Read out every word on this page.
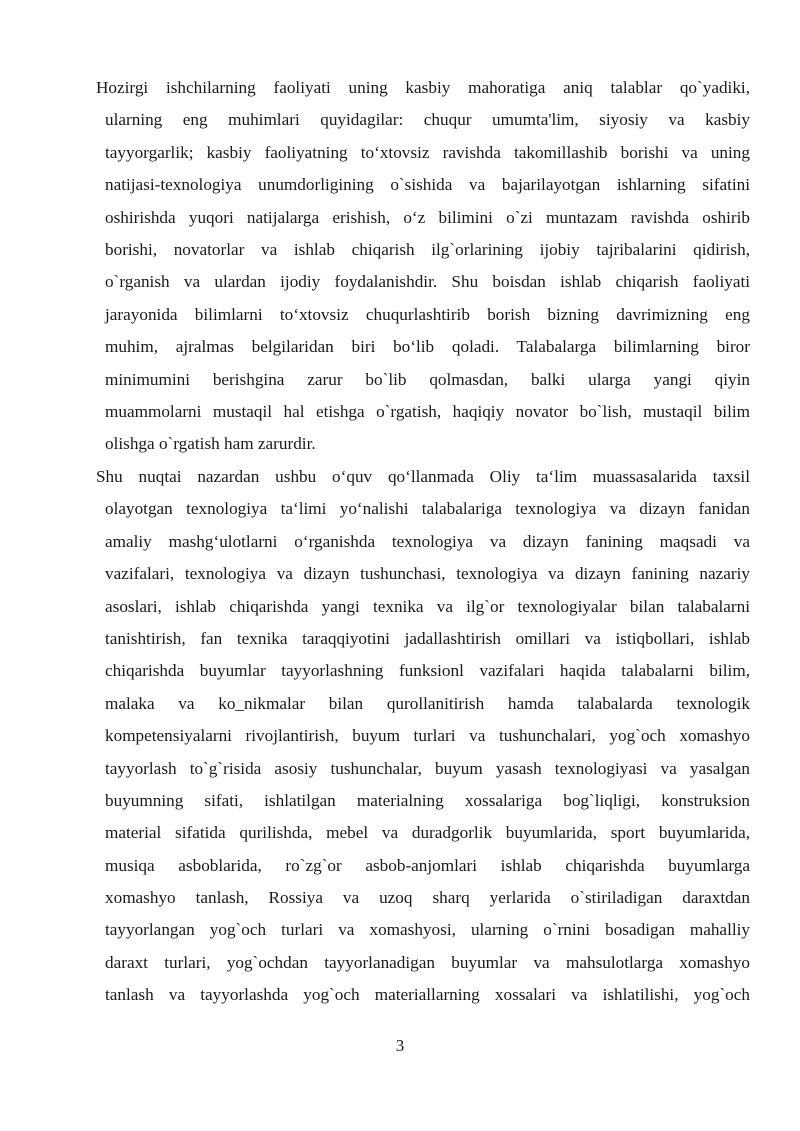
Hozirgi ishchilarning faoliyati uning kasbiy mahoratiga aniq talablar qo`yadiki,
ularning eng muhimlari quyidagilar: chuqur umumta'lim, siyosiy va kasbiy
tayyorgarlik; kasbiy faoliyatning to‘xtovsiz ravishda takomillashib borishi va uning
natijasi-texnologiya unumdorligining o`sishida va bajarilayotgan ishlarning sifatini
oshirishda yuqori natijalarga erishish, o‘z bilimini o`zi muntazam ravishda oshirib
borishi, novatorlar va ishlab chiqarish ilg`orlarining ijobiy tajribalarini qidirish,
o`rganish va ulardan ijodiy foydalanishdir. Shu boisdan ishlab chiqarish faoliyati
jarayonida bilimlarni to‘xtovsiz chuqurlashtirib borish bizning davrimizning eng
muhim, ajralmas belgilaridan biri bo‘lib qoladi. Talabalarga bilimlarning biror
minimumini berishgina zarur bo`lib qolmasdan, balki ularga yangi qiyin
muammolarni mustaqil hal etishga o`rgatish, haqiqiy novator bo`lish, mustaqil bilim
olishga o`rgatish ham zarurdir.
Shu nuqtai nazardan ushbu o‘quv qo‘llanmada Oliy ta‘lim muassasalarida taxsil
olayotgan texnologiya ta‘limi yo‘nalishi talabalariga texnologiya va dizayn fanidan
amaliy mashg‘ulotlarni o‘rganishda texnologiya va dizayn fanining maqsadi va
vazifalari, texnologiya va dizayn tushunchasi, texnologiya va dizayn fanining nazariy
asoslari, ishlab chiqarishda yangi texnika va ilg`or texnologiyalar bilan talabalarni
tanishtirish, fan texnika taraqqiyotini jadallashtirish omillari va istiqbollari, ishlab
chiqarishda buyumlar tayyorlashning funksionl vazifalari haqida talabalarni bilim,
malaka va ko_nikmalar bilan qurollanitirish hamda talabalarda texnologik
kompetensiyalarni rivojlantirish, buyum turlari va tushunchalari, yog`och xomashyo
tayyorlash to`g`risida asosiy tushunchalar, buyum yasash texnologiyasi va yasalgan
buyumning sifati, ishlatilgan materialning xossalariga bog`liqligi, konstruksion
material sifatida qurilishda, mebel va duradgorlik buyumlarida, sport buyumlarida,
musiqa asboblarida, ro`zg`or asbob-anjomlari ishlab chiqarishda buyumlarga
xomashyo tanlash, Rossiya va uzoq sharq yerlarida o`stiriladigan daraxtdan
tayyorlangan yog`och turlari va xomashyosi, ularning o`rnini bosadigan mahalliy
daraxt turlari, yog`ochdan tayyorlanadigan buyumlar va mahsulotlarga xomashyo
tanlash va tayyorlashda yog`och materiallarning xossalari va ishlatilishi, yog`och
3
